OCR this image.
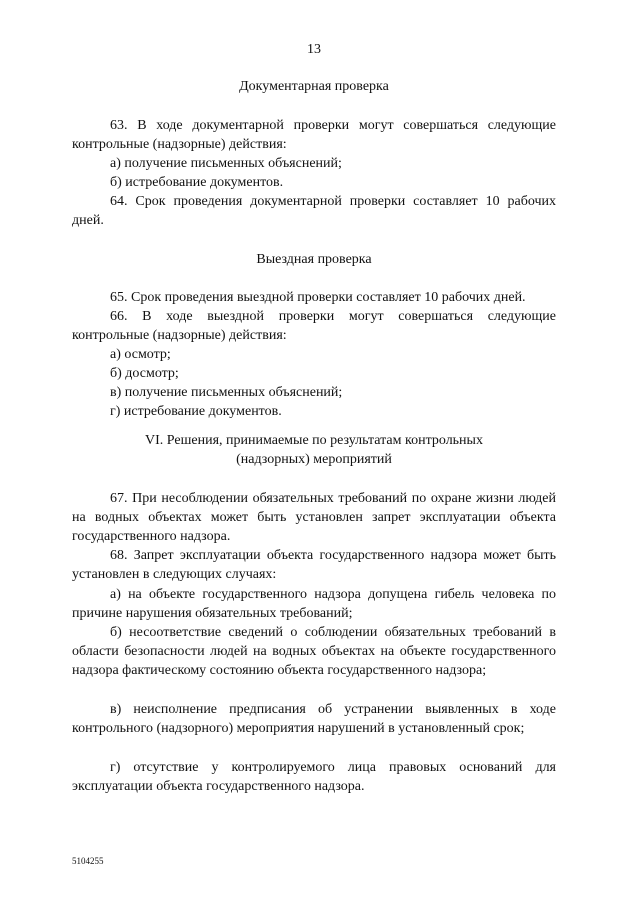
13
Документарная проверка

63. В ходе документарной проверки могут совершаться следующие контрольные (надзорные) действия:

а) получение письменных объяснений;

б) истребование документов.

64. Срок проведения документарной проверки составляет 10 рабочих дней.

Выездная проверка

65. Срок проведения выездной проверки составляет 10 рабочих дней.

66. В ходе выездной проверки могут совершаться следующие контрольные (надзорные) действия:

а) осмотр;

б) досмотр;

в) получение письменных объяснений;

г) истребование документов.

VI. Решения, принимаемые по результатам контрольных
(надзорных) мероприятий

67. При несоблюдении обязательных требований по охране жизни людей на водных объектах может быть установлен запрет эксплуатации объекта государственного надзора.

68. Запрет эксплуатации объекта государственного надзора может быть установлен в следующих случаях:

а) на объекте государственного надзора допущена гибель человека по причине нарушения обязательных требований;

б) несоответствие сведений о соблюдении обязательных требований в области безопасности людей на водных объектах на объекте государственного надзора фактическому состоянию объекта государственного надзора;

в) неисполнение предписания об устранении выявленных в ходе контрольного (надзорного) мероприятия нарушений в установленный срок;

г) отсутствие у контролируемого лица правовых оснований для эксплуатации объекта государственного надзора.

5104255
